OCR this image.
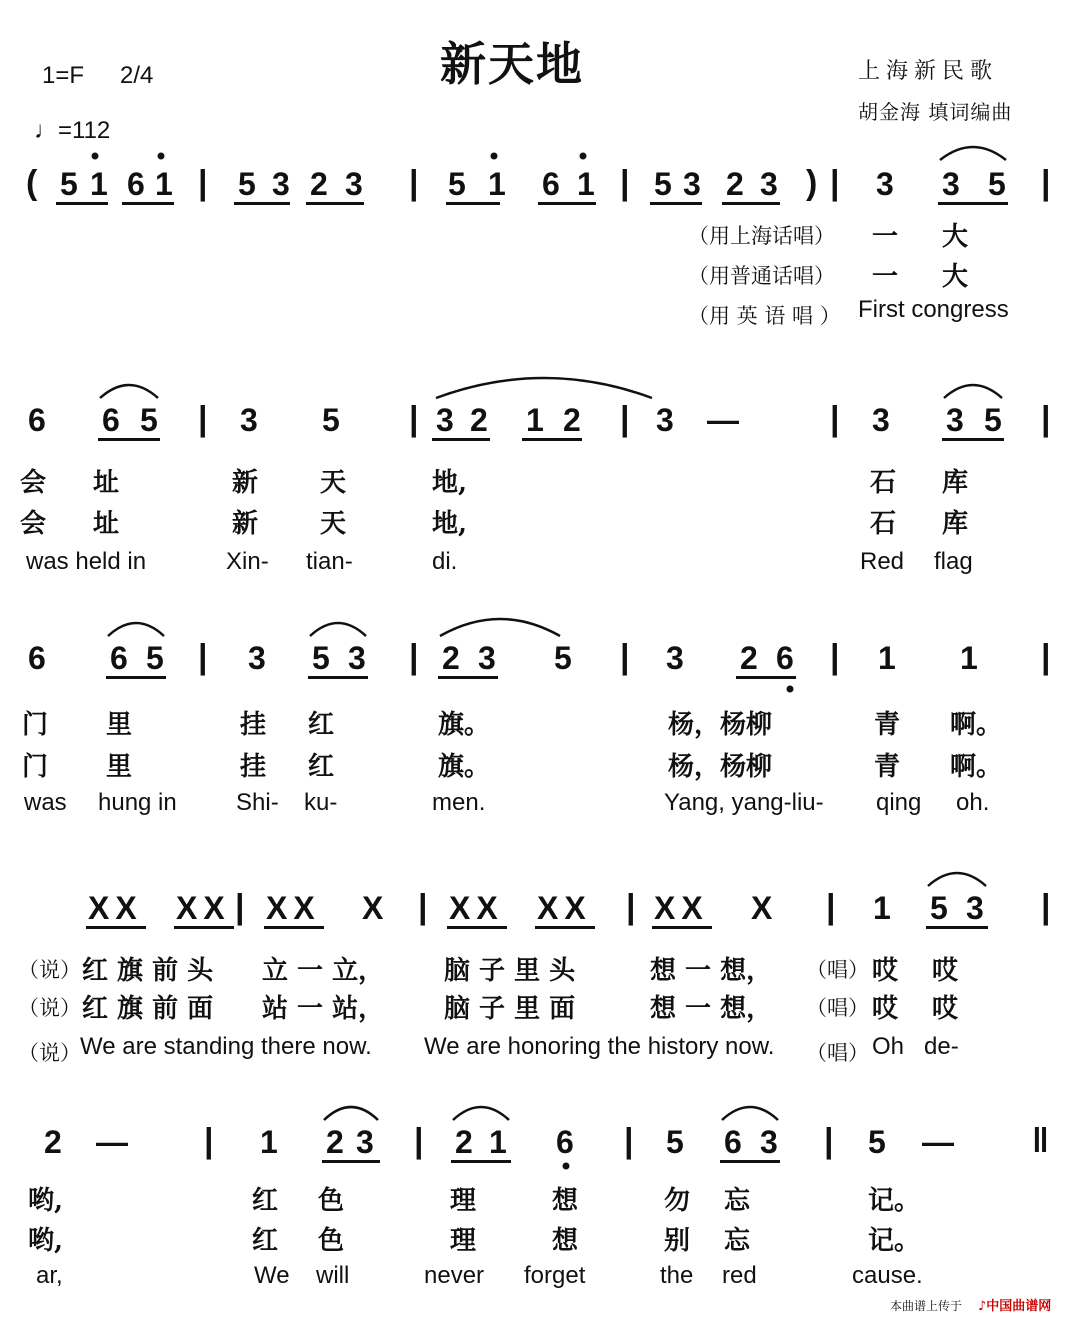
新天地
1=F 2/4
♩=112
上海新民歌
胡金海 填词编曲
( 5 1 6 1 | 5 3 2 3 | 5 1 6 1 | 5 3 2 3 ) | 3 3 5 |
（用上海话唱） 一 大
（用普通话唱） 一 大
（用 英 语 唱 ） First congress
6 6 5 | 3 5 | 3 2 1 2 | 3 —	| 3 3 5 |
会 址	新 天	地,	石 库
会 址	新 天	地,	石 库
was held in	Xin- tian-	di.	Red flag
6 6 5 | 3 5 3 | 2 3 5 | 3 2 6 | 1 1 |
门 里	挂 红	旗。	杨，杨柳	青 啊。
门 里	挂 红	旗。	杨，杨柳	青 啊。
was hung in Shi- ku-	men.	Yang, yang-liu- qing oh.
XX XX | XX X | XX XX | XX X | 1 5 3 |
（说） 红 旗 前 头 立 一 立， 脑 子 里 头	想 一 想， （唱） 哎 哎
（说） 红 旗 前 面 站 一 站， 脑 子 里 面	想 一 想， （唱） 哎 哎
（说） We are standing there now. We are honoring the history now. （唱） Oh de-
2 — | 1 2 3 | 2 1 6 | 5 6 3 | 5 — ‖
哟,	红 色	理	想	勿 忘	记。
哟,	红 色	理	想	别 忘	记。
ar,	We will	never forget	the red	cause.
本曲谱上传于 ♪中国曲谱网
